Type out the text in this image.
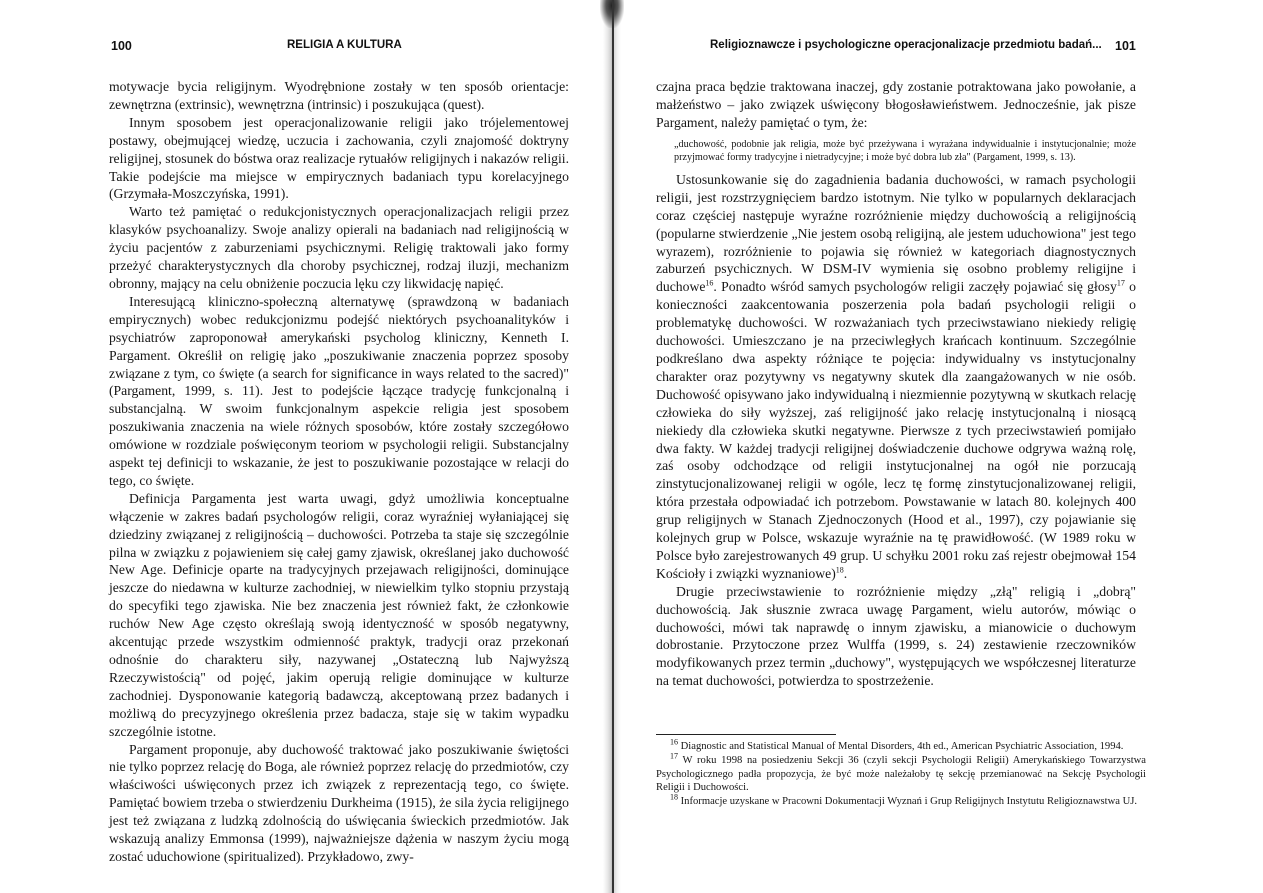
100	RELIGIA A KULTURA

motywacje bycia religijnym. Wyodrębnione zostały w ten sposób orientacje: zewnętrzna (extrinsic), wewnętrzna (intrinsic) i poszukująca (quest).

Innym sposobem jest operacjonalizowanie religii jako trójelementowej postawy, obejmującej wiedzę, uczucia i zachowania, czyli znajomość doktryny religijnej, stosunek do bóstwa oraz realizacje rytuałów religijnych i nakazów religii. Takie podejście ma miejsce w empirycznych badaniach typu korelacyjnego (Grzymała-Moszczyńska, 1991).

Warto też pamiętać o redukcjonistycznych operacjonalizacjach religii przez klasyków psychoanalizy. Swoje analizy opierali na badaniach nad religijnością w życiu pacjentów z zaburzeniami psychicznymi. Religię traktowali jako formy przeżyć charakterystycznych dla choroby psychicznej, rodzaj iluzji, mechanizm obronny, mający na celu obniżenie poczucia lęku czy likwidację napięć.

Interesującą kliniczno-społeczną alternatywę (sprawdzoną w badaniach empirycznych) wobec redukcjonizmu podejść niektórych psychoanalityków i psychiatrów zaproponował amerykański psycholog kliniczny, Kenneth I. Pargament. Określił on religię jako „poszukiwanie znaczenia poprzez sposoby związane z tym, co święte (a search for significance in ways related to the sacred)" (Pargament, 1999, s. 11). Jest to podejście łączące tradycję funkcjonalną i substancjalną. W swoim funkcjonalnym aspekcie religia jest sposobem poszukiwania znaczenia na wiele różnych sposobów, które zostały szczegółowo omówione w rozdziale poświęconym teoriom w psychologii religii. Substancjalny aspekt tej definicji to wskazanie, że jest to poszukiwanie pozostające w relacji do tego, co święte.

Definicja Pargamenta jest warta uwagi, gdyż umożliwia konceptualne włączenie w zakres badań psychologów religii, coraz wyraźniej wyłaniającej się dziedziny związanej z religijnością – duchowości. Potrzeba ta staje się szczególnie pilna w związku z pojawieniem się całej gamy zjawisk, określanej jako duchowość New Age. Definicje oparte na tradycyjnych przejawach religijności, dominujące jeszcze do niedawna w kulturze zachodniej, w niewielkim tylko stopniu przystają do specyfiki tego zjawiska. Nie bez znaczenia jest również fakt, że członkowie ruchów New Age często określają swoją identyczność w sposób negatywny, akcentując przede wszystkim odmienność praktyk, tradycji oraz przekonań odnośnie do charakteru siły, nazywanej „Ostateczną lub Najwyższą Rzeczywistością" od pojęć, jakim operują religie dominujące w kulturze zachodniej. Dysponowanie kategorią badawczą, akceptowaną przez badanych i możliwą do precyzyjnego określenia przez badacza, staje się w takim wypadku szczególnie istotne.

Pargament proponuje, aby duchowość traktować jako poszukiwanie świętości nie tylko poprzez relację do Boga, ale również poprzez relację do przedmiotów, czy właściwości uświęconych przez ich związek z reprezentacją tego, co święte. Pamiętać bowiem trzeba o stwierdzeniu Durkheima (1915), że sila życia religijnego jest też związana z ludzką zdolnością do uświęcania świeckich przedmiotów. Jak wskazują analizy Emmonsa (1999), najważniejsze dążenia w naszym życiu mogą zostać uduchowione (spiritualized). Przykładowo, zwy-

Religioznawcze i psychologiczne operacjonalizacje przedmiotu badań... 101

czajna praca będzie traktowana inaczej, gdy zostanie potraktowana jako powołanie, a małżeństwo – jako związek uświęcony błogosławieństwem. Jednocześnie, jak pisze Pargament, należy pamiętać o tym, że:

„duchowość, podobnie jak religia, może być przeżywana i wyrażana indywidualnie i instytucjonalnie; może przyjmować formy tradycyjne i nietradycyjne; i może być dobra lub zła" (Pargament, 1999, s. 13).

Ustosunkowanie się do zagadnienia badania duchowości, w ramach psychologii religii, jest rozstrzygnięciem bardzo istotnym. Nie tylko w popularnych deklaracjach coraz częściej następuje wyraźne rozróżnienie między duchowością a religijnością (popularne stwierdzenie „Nie jestem osobą religijną, ale jestem uduchowiona" jest tego wyrazem), rozróżnienie to pojawia się również w kategoriach diagnostycznych zaburzeń psychicznych. W DSM-IV wymienia się osobno problemy religijne i duchowe$^{16}$. Ponadto wśród samych psychologów religii zaczęły pojawiać się głosy$^{17}$ o konieczności zaakcentowania poszerzenia pola badań psychologii religii o problematykę duchowości. W rozważaniach tych przeciwstawiano niekiedy religię duchowości. Umieszczano je na przeciwległych krańcach kontinuum. Szczególnie podkreślano dwa aspekty różniące te pojęcia: indywidualny vs instytucjonalny charakter oraz pozytywny vs negatywny skutek dla zaangażowanych w nie osób. Duchowość opisywano jako indywidualną i niezmiennie pozytywną w skutkach relację człowieka do siły wyższej, zaś religijność jako relację instytucjonalną i niosącą niekiedy dla człowieka skutki negatywne. Pierwsze z tych przeciwstawień pomijało dwa fakty. W każdej tradycji religijnej doświadczenie duchowe odgrywa ważną rolę, zaś osoby odchodzące od religii instytucjonalnej na ogół nie porzucają zinstytucjonalizowanej religii w ogóle, lecz tę formę zinstytucjonalizowanej religii, która przestała odpowiadać ich potrzebom. Powstawanie w latach 80. kolejnych 400 grup religijnych w Stanach Zjednoczonych (Hood et al., 1997), czy pojawianie się kolejnych grup w Polsce, wskazuje wyraźnie na tę prawidłowość. (W 1989 roku w Polsce było zarejestrowanych 49 grup. U schyłku 2001 roku zaś rejestr obejmował 154 Kościoły i związki wyznaniowe)$^{18}$.

Drugie przeciwstawienie to rozróżnienie między „złą" religią i „dobrą" duchowością. Jak słusznie zwraca uwagę Pargament, wielu autorów, mówiąc o duchowości, mówi tak naprawdę o innym zjawisku, a mianowicie o duchowym dobrostanie. Przytoczone przez Wulffa (1999, s. 24) zestawienie rzeczowników modyfikowanych przez termin „duchowy", występujących we współczesnej literaturze na temat duchowości, potwierdza to spostrzeżenie.

$^{16}$ Diagnostic and Statistical Manual of Mental Disorders, 4th ed., American Psychiatric Association, 1994.

$^{17}$ W roku 1998 na posiedzeniu Sekcji 36 (czyli sekcji Psychologii Religii) Amerykańskiego Towarzystwa Psychologicznego padła propozycja, że być może należałoby tę sekcję przemianować na Sekcję Psychologii Religii i Duchowości.

$^{18}$ Informacje uzyskane w Pracowni Dokumentacji Wyznań i Grup Religijnych Instytutu Religioznawstwa UJ.
